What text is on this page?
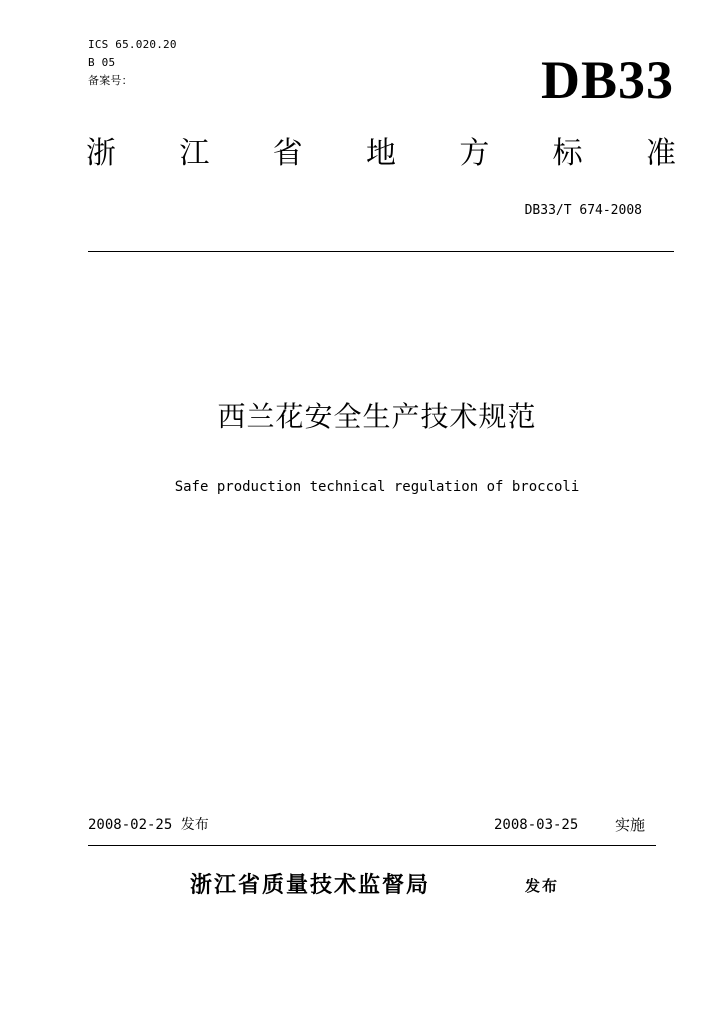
ICS 65.020.20
B 05
备案号：	DB33
浙 江 省 地 方 标 准
DB33/T 674-2008
西兰花安全生产技术规范
Safe production technical regulation of broccoli
2008-02-25 发布	2008-03-25 实施
浙江省质量技术监督局	发布
